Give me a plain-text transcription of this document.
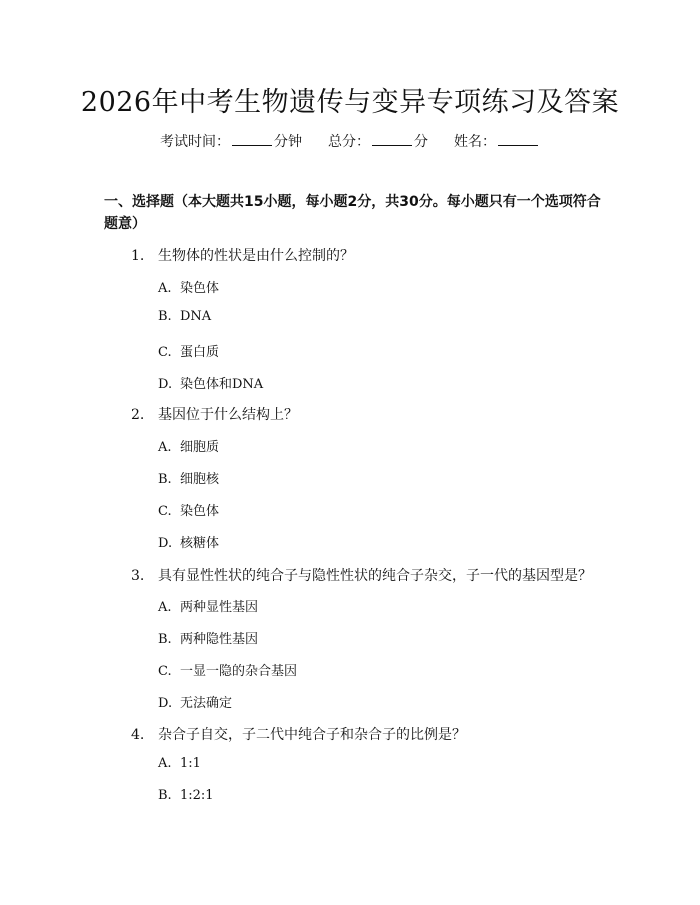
2026年中考生物遗传与变异专项练习及答案
考试时间：	分钟 总分：	分 姓名：
一、选择题（本大题共15小题，每小题2分，共30分。每小题只有一个选项符合题意）
1. 生物体的性状是由什么控制的？
A. 染色体
B. DNA
C. 蛋白质
D. 染色体和DNA
2. 基因位于什么结构上？
A. 细胞质
B. 细胞核
C. 染色体
D. 核糖体
3. 具有显性性状的纯合子与隐性性状的纯合子杂交，子一代的基因型是？
A. 两种显性基因
B. 两种隐性基因
C. 一显一隐的杂合基因
D. 无法确定
4. 杂合子自交，子二代中纯合子和杂合子的比例是？
A. 1:1
B. 1:2:1
